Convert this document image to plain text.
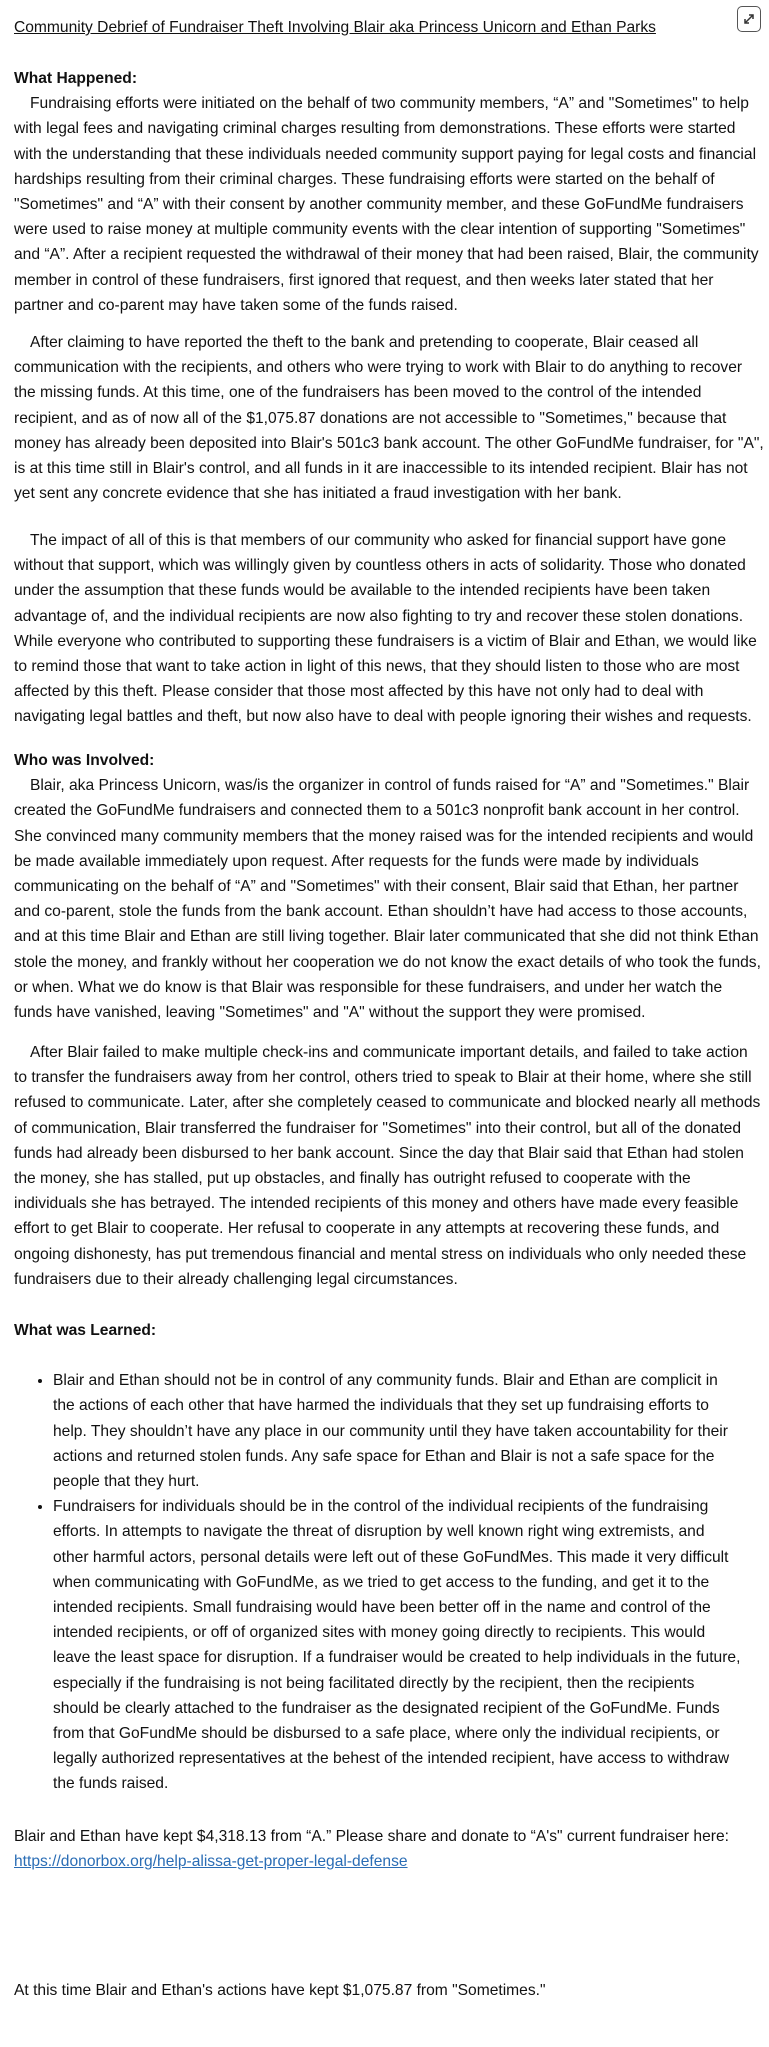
Community Debrief of Fundraiser Theft Involving Blair aka Princess Unicorn and Ethan Parks
What Happened:

Fundraising efforts were initiated on the behalf of two community members, “A” and "Sometimes" to help with legal fees and navigating criminal charges resulting from demonstrations. These efforts were started with the understanding that these individuals needed community support paying for legal costs and financial hardships resulting from their criminal charges. These fundraising efforts were started on the behalf of "Sometimes" and “A” with their consent by another community member, and these GoFundMe fundraisers were used to raise money at multiple community events with the clear intention of supporting "Sometimes" and “A”. After a recipient requested the withdrawal of their money that had been raised, Blair, the community member in control of these fundraisers, first ignored that request, and then weeks later stated that her partner and co-parent may have taken some of the funds raised.

After claiming to have reported the theft to the bank and pretending to cooperate, Blair ceased all communication with the recipients, and others who were trying to work with Blair to do anything to recover the missing funds. At this time, one of the fundraisers has been moved to the control of the intended recipient, and as of now all of the $1,075.87 donations are not accessible to "Sometimes," because that money has already been deposited into Blair's 501c3 bank account. The other GoFundMe fundraiser, for "A", is at this time still in Blair's control, and all funds in it are inaccessible to its intended recipient. Blair has not yet sent any concrete evidence that she has initiated a fraud investigation with her bank.

The impact of all of this is that members of our community who asked for financial support have gone without that support, which was willingly given by countless others in acts of solidarity. Those who donated under the assumption that these funds would be available to the intended recipients have been taken advantage of, and the individual recipients are now also fighting to try and recover these stolen donations. While everyone who contributed to supporting these fundraisers is a victim of Blair and Ethan, we would like to remind those that want to take action in light of this news, that they should listen to those who are most affected by this theft. Please consider that those most affected by this have not only had to deal with navigating legal battles and theft, but now also have to deal with people ignoring their wishes and requests.

Who was Involved:

Blair, aka Princess Unicorn, was/is the organizer in control of funds raised for “A” and "Sometimes." Blair created the GoFundMe fundraisers and connected them to a 501c3 nonprofit bank account in her control. She convinced many community members that the money raised was for the intended recipients and would be made available immediately upon request. After requests for the funds were made by individuals communicating on the behalf of “A” and "Sometimes" with their consent, Blair said that Ethan, her partner and co-parent, stole the funds from the bank account. Ethan shouldn’t have had access to those accounts, and at this time Blair and Ethan are still living together. Blair later communicated that she did not think Ethan stole the money, and frankly without her cooperation we do not know the exact details of who took the funds, or when. What we do know is that Blair was responsible for these fundraisers, and under her watch the funds have vanished, leaving "Sometimes" and "A" without the support they were promised.

After Blair failed to make multiple check-ins and communicate important details, and failed to take action to transfer the fundraisers away from her control, others tried to speak to Blair at their home, where she still refused to communicate. Later, after she completely ceased to communicate and blocked nearly all methods of communication, Blair transferred the fundraiser for "Sometimes" into their control, but all of the donated funds had already been disbursed to her bank account. Since the day that Blair said that Ethan had stolen the money, she has stalled, put up obstacles, and finally has outright refused to cooperate with the individuals she has betrayed. The intended recipients of this money and others have made every feasible effort to get Blair to cooperate. Her refusal to cooperate in any attempts at recovering these funds, and ongoing dishonesty, has put tremendous financial and mental stress on individuals who only needed these fundraisers due to their already challenging legal circumstances.

What was Learned:
• Blair and Ethan should not be in control of any community funds. Blair and Ethan are complicit in the actions of each other that have harmed the individuals that they set up fundraising efforts to help. They shouldn’t have any place in our community until they have taken accountability for their actions and returned stolen funds. Any safe space for Ethan and Blair is not a safe space for the people that they hurt.
• Fundraisers for individuals should be in the control of the individual recipients of the fundraising efforts. In attempts to navigate the threat of disruption by well known right wing extremists, and other harmful actors, personal details were left out of these GoFundMes. This made it very difficult when communicating with GoFundMe, as we tried to get access to the funding, and get it to the intended recipients. Small fundraising would have been better off in the name and control of the intended recipients, or off of organized sites with money going directly to recipients. This would leave the least space for disruption. If a fundraiser would be created to help individuals in the future, especially if the fundraising is not being facilitated directly by the recipient, then the recipients should be clearly attached to the fundraiser as the designated recipient of the GoFundMe. Funds from that GoFundMe should be disbursed to a safe place, where only the individual recipients, or legally authorized representatives at the behest of the intended recipient, have access to withdraw the funds raised.

Blair and Ethan have kept $4,318.13 from “A.” Please share and donate to “A's" current fundraiser here:

https://donorbox.org/help-alissa-get-proper-legal-defense

At this time Blair and Ethan's actions have kept $1,075.87 from "Sometimes."
